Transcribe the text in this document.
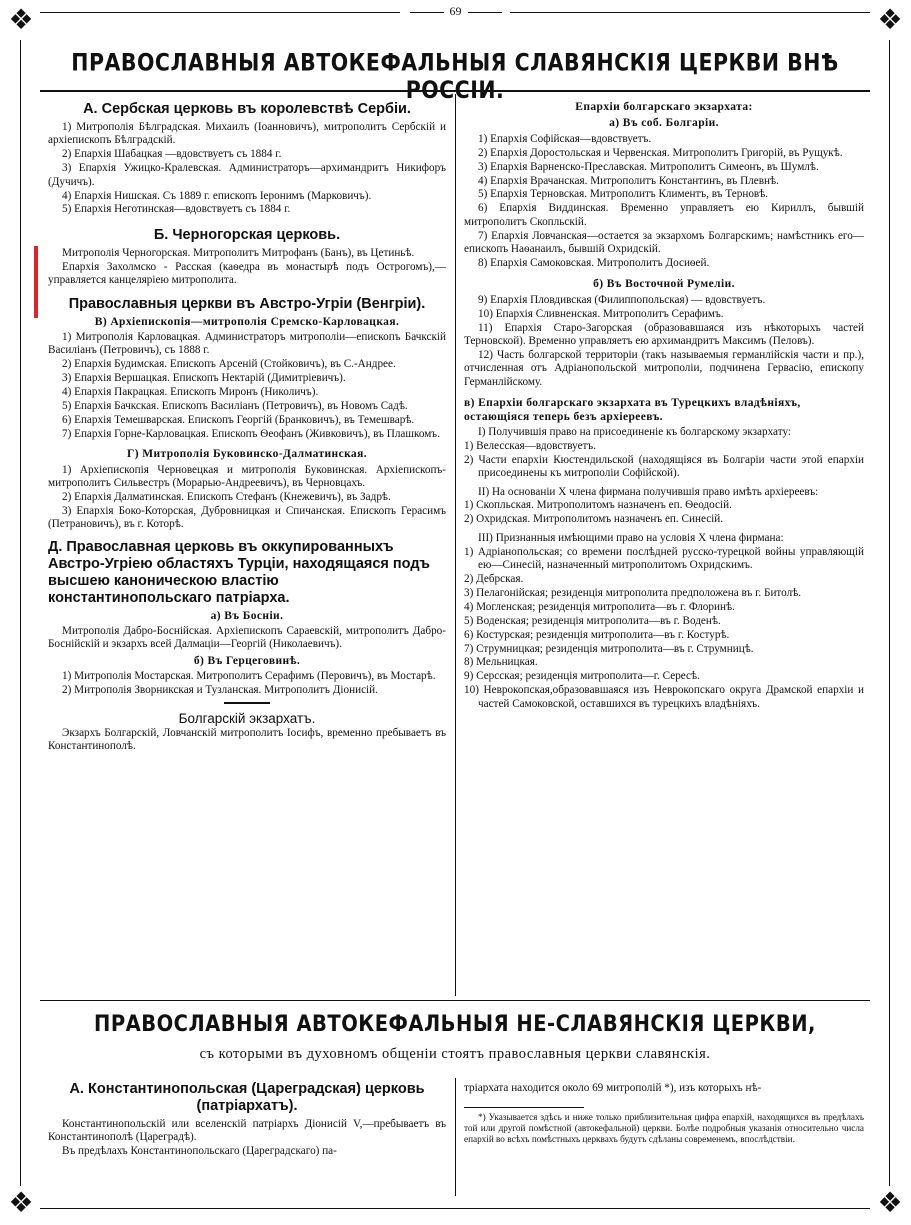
❖	❖
❖	❖
69
ПРАВОСЛАВНЫЯ АВТОКЕФАЛЬНЫЯ СЛАВЯНСКІЯ ЦЕРКВИ ВНѢ РОССІИ.
А. Сербская церковь въ королевствѣ Сербіи.

1) Митрополія Бѣлградская. Михаилъ (Іоанновичъ), митрополитъ Сербскій и архіепископъ Бѣлградскій.

2) Епархія Шабацкая —вдовствуетъ съ 1884 г.

3) Епархія Ужицко-Кралевская. Администраторъ—архимандритъ Никифоръ (Дучичъ).

4) Епархія Нишская. Съ 1889 г. епископъ Іеронимъ (Марковичъ).

5) Епархія Неготинская—вдовствуетъ съ 1884 г.

Б. Черногорская церковь.

Митрополія Черногорская. Митрополитъ Митрофанъ (Банъ), въ Цетиньѣ.

Епархія Захолмско - Расская (каѳедра въ монастырѣ подъ Острогомъ),—управляется канцеляріею митрополита.

Православныя церкви въ Австро-Угріи (Венгріи).
В) Архіепископія—митрополія Сремско-Карловацкая.

1) Митрополія Карловацкая. Администраторъ митрополіи—епископъ Бачкскій Василіанъ (Петровичъ), съ 1888 г.

2) Епархія Будимская. Епископъ Арсеній (Стойковичъ), въ С.-Андрее.

3) Епархія Вершацкая. Епископъ Нектарій (Димитріевичъ).

4) Епархія Пакрацкая. Епископъ Миронъ (Николичъ).

5) Епархія Бачкская. Епископъ Василіанъ (Петровичъ), въ Новомъ Садѣ.

6) Епархія Темешварская. Епископъ Георгій (Бранковичъ), въ Темешварѣ.

7) Епархія Горне-Карловацкая. Епископъ Ѳеофанъ (Живковичъ), въ Плашкомъ.

Г) Митрополія Буковинско-Далматинская.

1) Архіепископія Черновецкая и митрополія Буковинская. Архіепископъ-митрополитъ Сильвестръ (Морарью-Андреевичъ), въ Черновцахъ.

2) Епархія Далматинская. Епископъ Стефанъ (Кнежевичъ), въ Задрѣ.

3) Епархія Боко-Которская, Дубровницкая и Спичанская. Епископъ Герасимъ (Петрановичъ), въ г. Которѣ.

Д. Православная церковь въ оккупированныхъ Австро-Угріею областяхъ Турціи, находящаяся подъ высшею каноническою властію константинопольскаго патріарха.
а) Въ Босніи.

Митрополія Дабро-Боснійская. Архіепископъ Сараевскій, митрополитъ Дабро-Боснійскій и экзархъ всей Далмаціи—Георгій (Николаевичъ).

б) Въ Герцеговинѣ.

1) Митрополія Мостарская. Митрополитъ Серафимъ (Перовичъ), въ Мостарѣ.

2) Митрополія Зворникская и Тузланская. Митрополитъ Діонисій.

Болгарскій экзархатъ.

Экзархъ Болгарскій, Ловчанскій митрополитъ Іосифъ, временно пребываетъ въ Константинополѣ.

Епархіи болгарскаго экзархата:
а) Въ соб. Болгаріи.

1) Епархія Софійская—вдовствуетъ.

2) Епархія Доростольская и Червенская. Митрополитъ Григорій, въ Рущукѣ.

3) Епархія Варненско-Преславская. Митрополитъ Симеонъ, въ Шумлѣ.

4) Епархія Врачанская. Митрополитъ Константинъ, въ Плевнѣ.

5) Епархія Терновская. Митрополитъ Климентъ, въ Терновѣ.

6) Епархія Виддинская. Временно управляетъ ею Кириллъ, бывшій митрополитъ Скопльскій.

7) Епархія Ловчанская—остается за экзархомъ Болгарскимъ; намѣстникъ его—епископъ Наѳанаилъ, бывшій Охридскій.

8) Епархія Самоковская. Митрополитъ Досиѳей.

б) Въ Восточной Румеліи.

9) Епархія Пловдивская (Филиппопольская) — вдовствуетъ.

10) Епархія Сливненская. Митрополитъ Серафимъ.

11) Епархія Старо-Загорская (образовавшаяся изъ нѣкоторыхъ частей Терновской). Временно управляетъ ею архимандритъ Максимъ (Пеловъ).

12) Часть болгарской территоріи (такъ называемыя германлійскія части и пр.), отчисленная отъ Адріанопольской митрополіи, подчинена Гервасію, епископу Германлійскому.

в) Епархіи болгарскаго экзархата въ Турецкихъ владѣніяхъ, остающіяся теперь безъ архіереевъ.

I) Получившія право на присоединеніе къ болгарскому экзархату:

1) Велесская—вдовствуетъ.

2) Части епархіи Кюстендильской (находящіяся въ Болгаріи части этой епархіи присоединены къ митрополіи Софійской).

II) На основаніи X члена фирмана получившія право имѣть архіереевъ:

1) Скопльская. Митрополитомъ назначенъ еп. Ѳеодосій.

2) Охридская. Митрополитомъ назначенъ еп. Синесій.

III) Признанныя имѣющими право на условія X члена фирмана:

1) Адріанопольская; со времени послѣдней русско-турецкой войны управляющій ею—Синесій, назначенный митрополитомъ Охридскимъ.

2) Дебрская.

3) Пелагонійская; резиденція митрополита предположена въ г. Битолѣ.

4) Могленская; резиденція митрополита—въ г. Флоринѣ.

5) Воденская; резиденція митрополита—въ г. Воденѣ.

6) Костурская; резиденція митрополита—въ г. Костурѣ.

7) Струмницкая; резиденція митрополита—въ г. Струмницѣ.

8) Мельницкая.

9) Серсская; резиденція митрополита—г. Сересѣ.

10) Неврокопская,образовавшаяся изъ Неврокопскаго округа Драмской епархіи и частей Самоковской, оставшихся въ турецкихъ владѣніяхъ.

ПРАВОСЛАВНЫЯ АВТОКЕФАЛЬНЫЯ НЕ-СЛАВЯНСКІЯ ЦЕРКВИ,
съ которыми въ духовномъ общеніи стоятъ православныя церкви славянскія.
А. Константинопольская (Цареградская) церковь (патріархатъ).

Константинопольскій или вселенскій патріархъ Діонисій V,—пребываетъ въ Константинополѣ (Цареградѣ).

Въ предѣлахъ Константинопольскаго (Цареградскаго) па-

тріархата находится около 69 митрополій *), изъ которыхъ нѣ-

*) Указывается здѣсь и ниже только приблизительная цифра епархій, находящихся въ предѣлахъ той или другой помѣстной (автокефальной) церкви. Болѣе подробныя указанія относительно числа епархій во всѣхъ помѣстныхъ церквахъ будутъ сдѣланы современемъ, впослѣдствіи.
